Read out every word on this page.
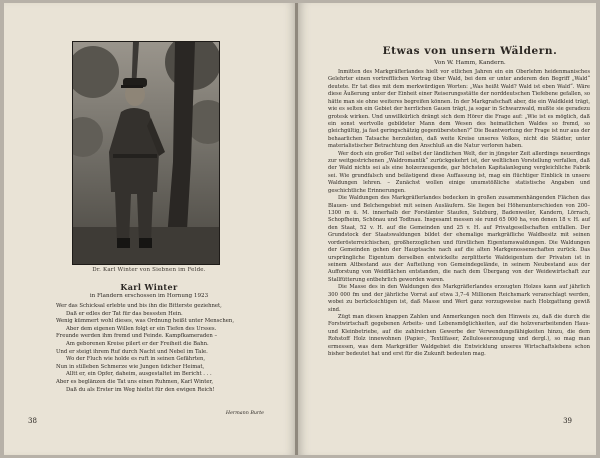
Dr. Karl Winter von Siebnen im Felde.
Karl Winter
in Flandern erschossen im Hornung 1923
Wer das Schicksal erlebte und bis ihn die Bitterste geziehnet,
Daß er edles der Tat für das besssten Hein.
Wenig kümmert wohl dieses, was Ordnung heißt unter Menschen,
Aber dem eigenen Willen folgt er ein Tiefen des Ursses.
Freunde werden ihm fremd und Feinde. Kampfkameraden –
Am geborenen Kreise pilert er der Freiheit die Bahn.
Und er steigt ihrem Ruf durch Nacht und Nebel im Tale.
Wo der Fluch wie holde es ruft in seinen Gefährten,
Nun in stilleben Schmerze wie Jungen üdicher Heimat,
Alltt er, ein Opfer, daheim, ausgestaltet im Bericht . . .
Aber es beglänzen die Tat uns einen Ruhmen, Karl Winter,
Daß du als Erster im Weg hieltst für den ewigen Reich!
Hermann Burte
38
Etwas von unsern Wäldern.
Von W. Hamm, Kandern.

Inmitten des Markgräflerlandes hielt vor etlichen Jahren ein ein Oberlehm heidenmanisches Gelehrter einen vortrefflichen Vortrag über Wald, bei dem er unter anderem den Begriff „Wald“ deutete. Er tat dies mit dem merkwürdigen Worten: „Was heißt Wald? Wald ist eben Wald“. Wäre diese Äußerung unter der Einheit einer Reiserungsstätte der norddeutschen Tiefebene gefallen, so hätte man sie ohne weiteres begreifen können. In der Markgrafschaft aber, die ein Waldkleid trägt, wie es selten ein Gebiet der herrlichen Gauen trägt, ja sogar in Schwarzwald, mußte sie geradezu grotesk wirken. Und unwillkürlich drängt sich dem Hörer die Frage auf: „Wie ist es möglich, daß ein sonst wertvolle gebildeter Mann dem Wesen des heimatlichen Waldes so fremd, so gleichgültig, ja fast geringschätzig gegenüberstehen?“ Die Beantwortung der Frage ist nur aus der behaarlichen Tatsache herzuleiten, daß weite Kreise unseres Volkes, nicht die Städter, unter materialistischer Betrachtung den Anschluß an die Natur verloren haben.

Wer doch ein großer Teil selbst der ländlichen Welt, der in jüngster Zeit allerdings neuerdings zur weitgestrichenen „Waldromantik“ zurückgekehrt ist, der weltlichen Vorstellung verfallen, daß der Wald nichts sei als eine holzerzeugende, gar höchsten Kapitalanlegung vergleichliche Fabrik sei. Wie grundfalsch und belästigend diese Auffassung ist, mag ein flüchtiger Einblick in unsere Waldungen lehren. – Zunächst wollen einige unumstößliche statistische Angaben und geschichtliche Erinnerungen.

Die Waldungen des Markgräflerlandes bedecken in großen zusammenhängenden Flächen das Blauen- und Belchengebiet mit seinen Ausläufern. Sie liegen bei Höhenunterschieden von 200–1300 m ü. M. innerhalb der Forstämter Staufen, Sulzburg, Badenweiler, Kandern, Lörrach, Schopfheim, Schönau und Todtnau. Insgesamt messen sie rund 65 000 ha, von denen 18 v. H. auf den Staat, 52 v. H. auf die Gemeinden und 25 v. H. auf Privatgesellschaften entfallen. Der Grundstock der Staatswaldungen bildet der ehemalige markgräfliche Waldbesitz mit seinen vorderösterreichischen, großherzoglichen und fürstlichen Eigentumswaldungen. Die Waldungen der Gemeinden gehen der Hauptsache nach auf die alten Markgenossenschaften zurück. Das ursprüngliche Eigentum derselben entwickelte zerplitterte Waldeigentum der Privaten ist in seinem Altbestand aus der Aufteilung von Gemeindegelände, in seinem Neubestand aus der Aufforstung von Weidflächen entstanden, die nach dem Übergang von der Weidewirtschaft zur Stallfütterung entbehrlich geworden waren.

Die Masse des in den Waldungen des Markgräflerlandes erzeugten Holzes kann auf jährlich 300 000 fm und der jährliche Vorrat auf etwa 3,7–4 Millionen Reichsmark veranschlagt werden, wobei zu berücksichtigen ist, daß Masse und Wert ganz vorzugsweise nach Holzgattung gewiß sind.

Zügt man diesen knappen Zahlen und Anmerkungen noch den Hinweis zu, daß die durch die Forstwirtschaft gegebenen Arbeits- und Lebensmöglichkeiten, auf die holzverarbeitenden Haus- und Kleinbetriebe, auf die zahlreichen Gewerbe der Verwendungsfähigkeiten hinzu, die dem Rohstoff Holz innewohnen (Papier-, Textilfaser, Zelluloseerzeugung und dergl.), so mag man ermessen, was dem Markgräfler Waldgebiet die Entwicklung unseres Wirtschaftslebens schon bisher bedeutet hat und erst für die Zukunft bedeuten mag.

39
